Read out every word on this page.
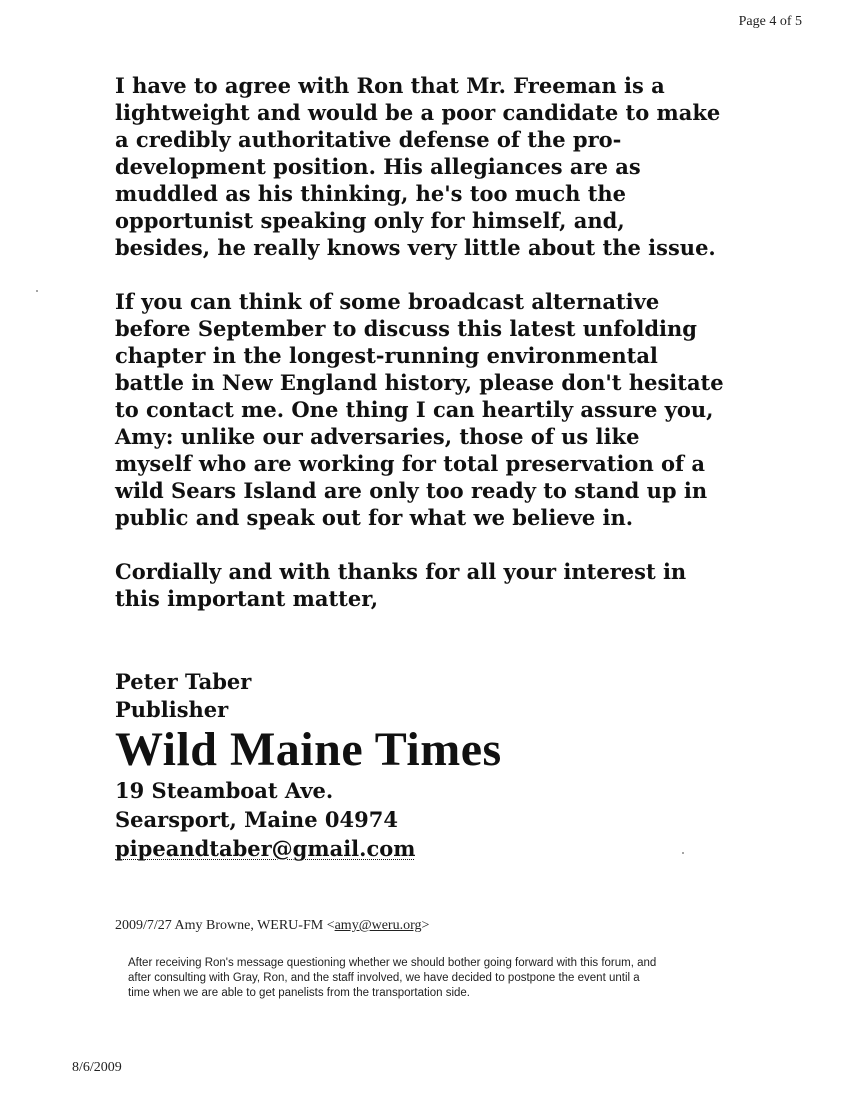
Page 4 of 5

I have to agree with Ron that Mr. Freeman is a
lightweight and would be a poor candidate to make
a credibly authoritative defense of the pro-
development position. His allegiances are as
muddled as his thinking, he's too much the
opportunist speaking only for himself, and,
besides, he really knows very little about the issue.

If you can think of some broadcast alternative
before September to discuss this latest unfolding
chapter in the longest-running environmental
battle in New England history, please don't hesitate
to contact me. One thing I can heartily assure you,
Amy: unlike our adversaries, those of us like
myself who are working for total preservation of a
wild Sears Island are only too ready to stand up in
public and speak out for what we believe in.

Cordially and with thanks for all your interest in
this important matter,

Peter Taber
Publisher
Wild Maine Times
19 Steamboat Ave.
Searsport, Maine 04974
pipeandtaber@gmail.com
2009/7/27 Amy Browne, WERU-FM <amy@weru.org>
After receiving Ron's message questioning whether we should bother going forward with this forum, and
after consulting with Gray, Ron, and the staff involved, we have decided to postpone the event until a
time when we are able to get panelists from the transportation side.
8/6/2009
